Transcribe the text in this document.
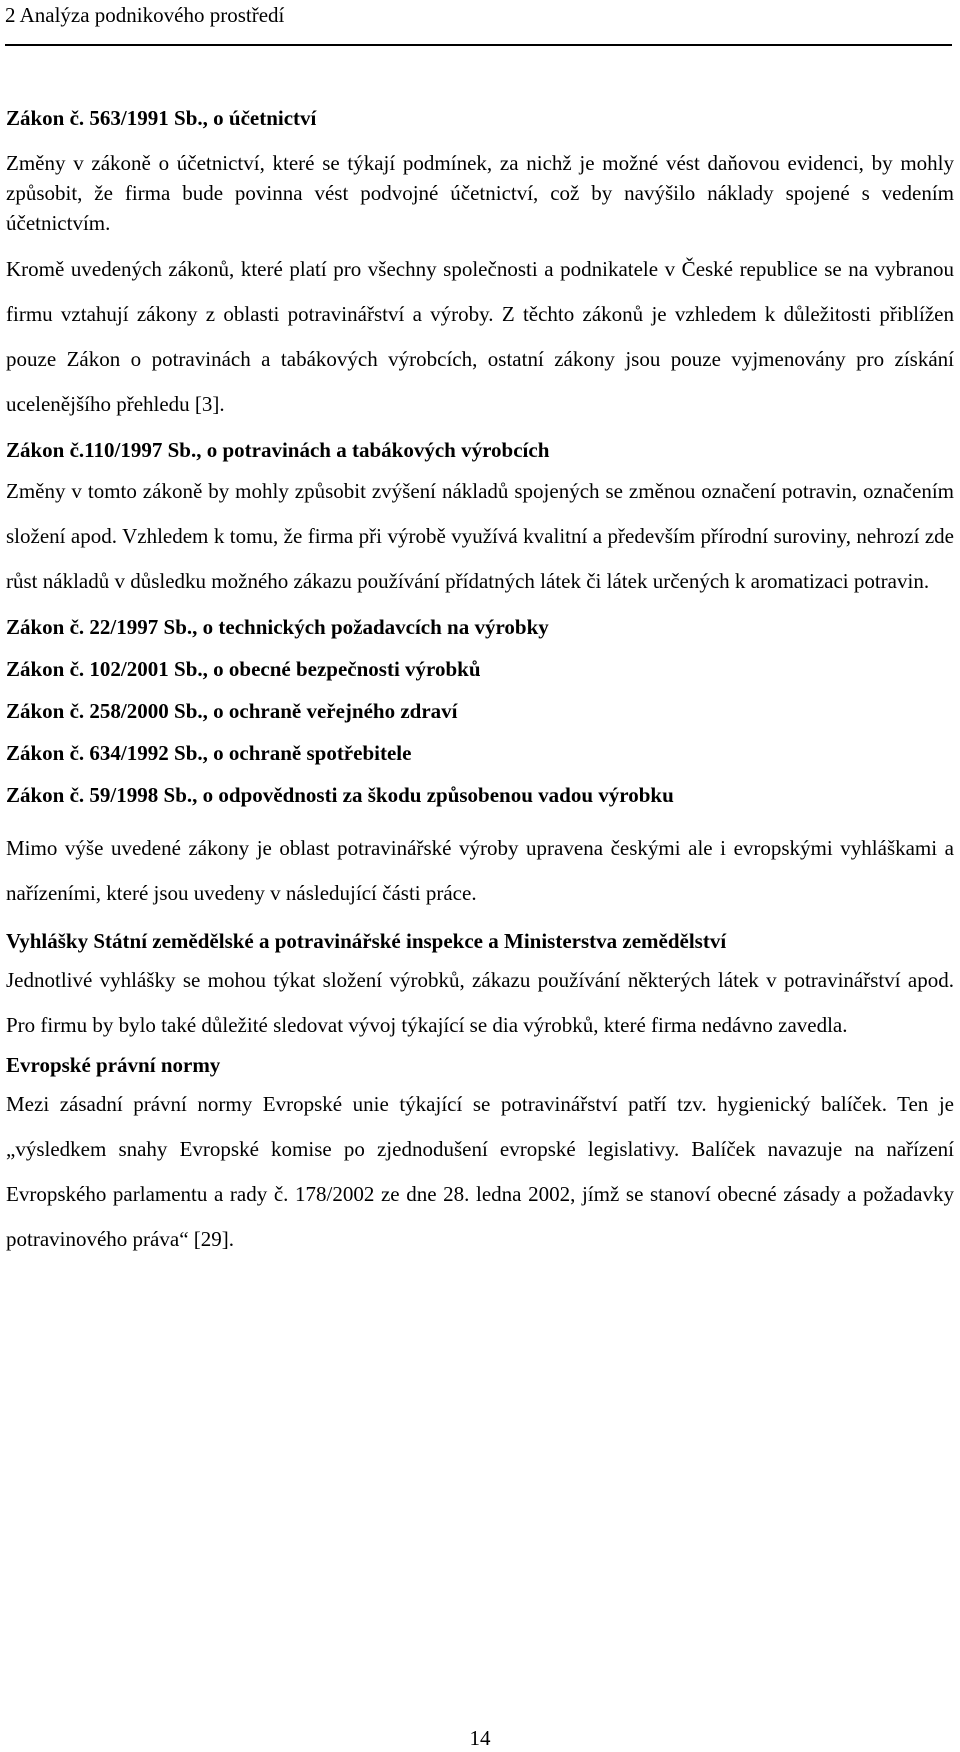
2 Analýza podnikového prostředí

Zákon č. 563/1991 Sb., o účetnictví

Změny v zákoně o účetnictví, které se týkají podmínek, za nichž je možné vést daňovou evidenci, by mohly způsobit, že firma bude povinna vést podvojné účetnictví, což by navýšilo náklady spojené s vedením účetnictvím.

Kromě uvedených zákonů, které platí pro všechny společnosti a podnikatele v České republice se na vybranou firmu vztahují zákony z oblasti potravinářství a výroby. Z těchto zákonů je vzhledem k důležitosti přiblížen pouze Zákon o potravinách a tabákových výrobcích, ostatní zákony jsou pouze vyjmenovány pro získání ucelenějšího přehledu [3].

Zákon č.110/1997 Sb., o potravinách a tabákových výrobcích

Změny v tomto zákoně by mohly způsobit zvýšení nákladů spojených se změnou označení potravin, označením složení apod. Vzhledem k tomu, že firma při výrobě využívá kvalitní a především přírodní suroviny, nehrozí zde růst nákladů v důsledku možného zákazu používání přídatných látek či látek určených k aromatizaci potravin.

Zákon č. 22/1997 Sb., o technických požadavcích na výrobky

Zákon č. 102/2001 Sb., o obecné bezpečnosti výrobků

Zákon č. 258/2000 Sb., o ochraně veřejného zdraví

Zákon č. 634/1992 Sb., o ochraně spotřebitele

Zákon č. 59/1998 Sb., o odpovědnosti za škodu způsobenou vadou výrobku

Mimo výše uvedené zákony je oblast potravinářské výroby upravena českými ale i evropskými vyhláškami a nařízeními, které jsou uvedeny v následující části práce.

Vyhlášky Státní zemědělské a potravinářské inspekce a Ministerstva zemědělství

Jednotlivé vyhlášky se mohou týkat složení výrobků, zákazu používání některých látek v potravinářství apod. Pro firmu by bylo také důležité sledovat vývoj týkající se dia výrobků, které firma nedávno zavedla.

Evropské právní normy

Mezi zásadní právní normy Evropské unie týkající se potravinářství patří tzv. hygienický balíček. Ten je „výsledkem snahy Evropské komise po zjednodušení evropské legislativy. Balíček navazuje na nařízení Evropského parlamentu a rady č. 178/2002 ze dne 28. ledna 2002, jímž se stanoví obecné zásady a požadavky potravinového práva“ [29].

14
